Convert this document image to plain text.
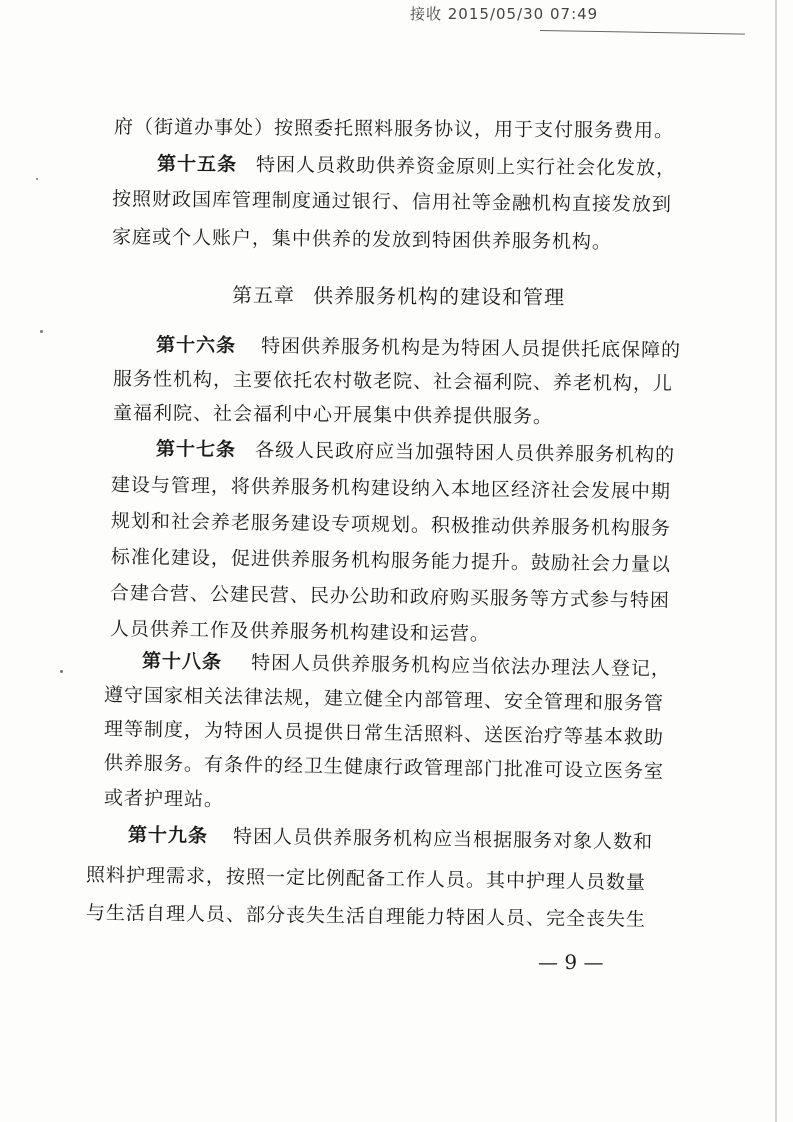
接收 2015/05/30 07:49
府（街道办事处）按照委托照料服务协议，用于支付服务费用。
第十五条 特困人员救助供养资金原则上实行社会化发放，
按照财政国库管理制度通过银行、信用社等金融机构直接发放到
家庭或个人账户，集中供养的发放到特困供养服务机构。
第五章 供养服务机构的建设和管理
第十六条 特困供养服务机构是为特困人员提供托底保障的
服务性机构，主要依托农村敬老院、社会福利院、养老机构，儿
童福利院、社会福利中心开展集中供养提供服务。
第十七条 各级人民政府应当加强特困人员供养服务机构的
建设与管理，将供养服务机构建设纳入本地区经济社会发展中期
规划和社会养老服务建设专项规划。积极推动供养服务机构服务
标准化建设，促进供养服务机构服务能力提升。鼓励社会力量以
合建合营、公建民营、民办公助和政府购买服务等方式参与特困
人员供养工作及供养服务机构建设和运营。
第十八条 特困人员供养服务机构应当依法办理法人登记，
遵守国家相关法律法规，建立健全内部管理、安全管理和服务管
理等制度，为特困人员提供日常生活照料、送医治疗等基本救助
供养服务。有条件的经卫生健康行政管理部门批准可设立医务室
或者护理站。
第十九条 特困人员供养服务机构应当根据服务对象人数和
照料护理需求，按照一定比例配备工作人员。其中护理人员数量
与生活自理人员、部分丧失生活自理能力特困人员、完全丧失生
— 9 —
